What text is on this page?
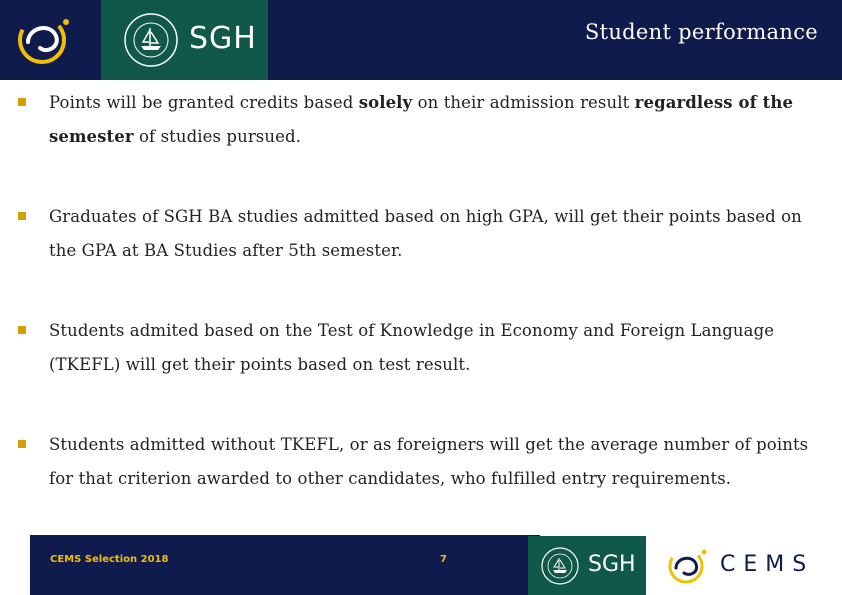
SGH	Student performance
Points will be granted credits based solely on their admission result regardless of the semester of studies pursued.
Graduates of SGH BA studies admitted based on high GPA, will get their points based on the GPA at BA Studies after 5th semester.
Students admited based on the Test of Knowledge in Economy and Foreign Language (TKEFL) will get their points based on test result.
Students admitted without TKEFL, or as foreigners will get the average number of points for that criterion awarded to other candidates, who fulfilled entry requirements.
CEMS Selection 2018	7	SGH	CEMS
